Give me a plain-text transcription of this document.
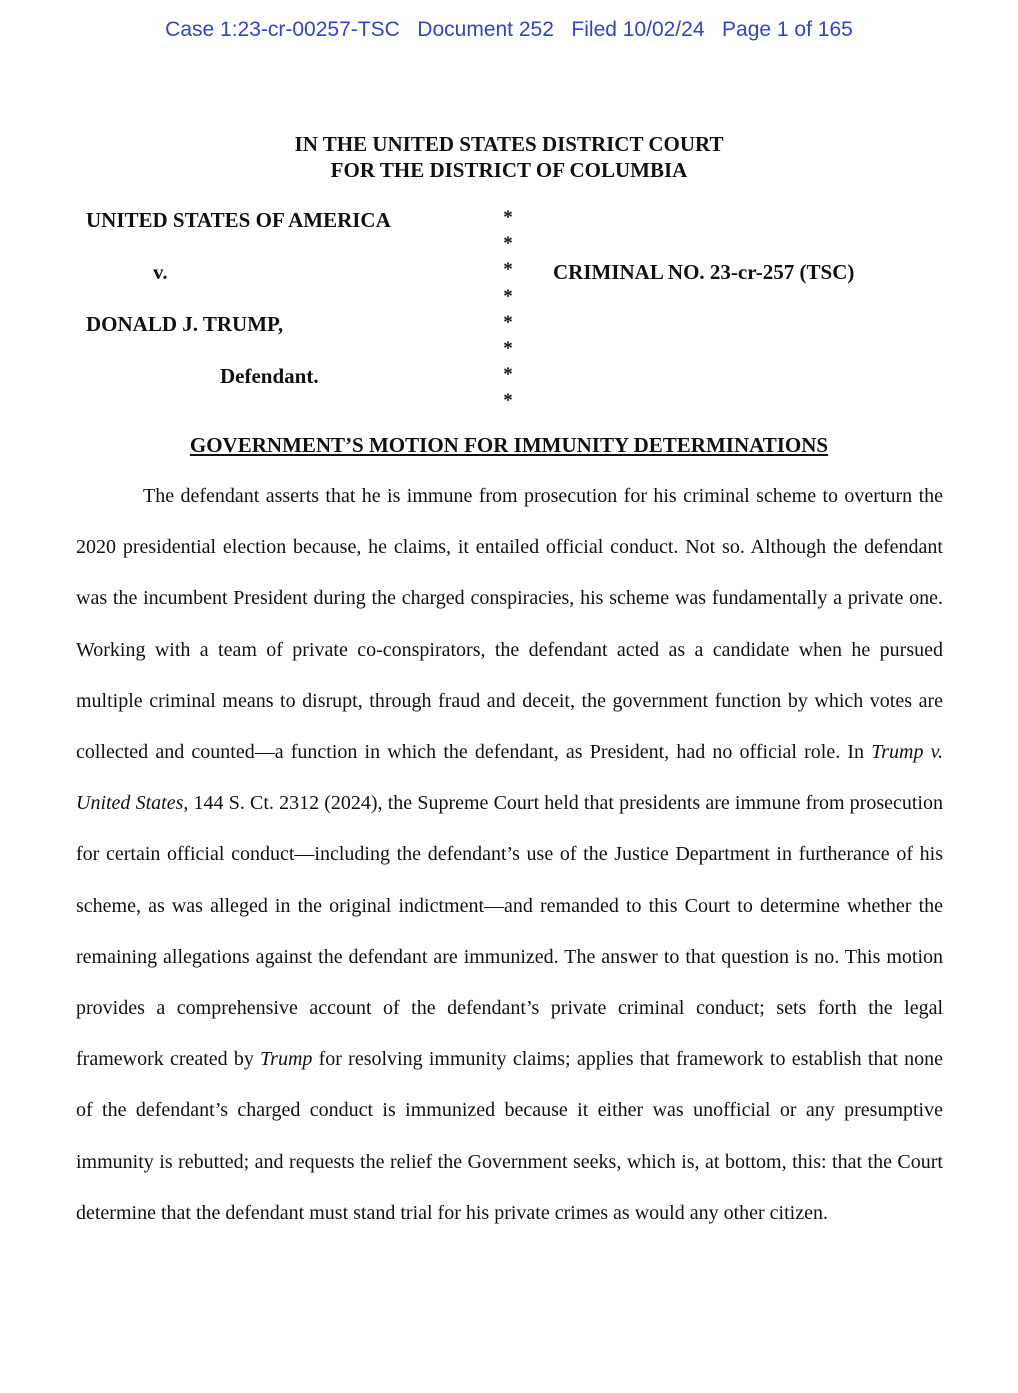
Case 1:23-cr-00257-TSC Document 252 Filed 10/02/24 Page 1 of 165
IN THE UNITED STATES DISTRICT COURT
FOR THE DISTRICT OF COLUMBIA
UNITED STATES OF AMERICA
v.
DONALD J. TRUMP,
Defendant.
CRIMINAL NO. 23-cr-257 (TSC)
*
*
*
*
*
*
*
*
GOVERNMENT’S MOTION FOR IMMUNITY DETERMINATIONS

The defendant asserts that he is immune from prosecution for his criminal scheme to overturn the 2020 presidential election because, he claims, it entailed official conduct. Not so. Although the defendant was the incumbent President during the charged conspiracies, his scheme was fundamentally a private one. Working with a team of private co-conspirators, the defendant acted as a candidate when he pursued multiple criminal means to disrupt, through fraud and deceit, the government function by which votes are collected and counted—a function in which the defendant, as President, had no official role. In Trump v. United States, 144 S. Ct. 2312 (2024), the Supreme Court held that presidents are immune from prosecution for certain official conduct—including the defendant’s use of the Justice Department in furtherance of his scheme, as was alleged in the original indictment—and remanded to this Court to determine whether the remaining allegations against the defendant are immunized. The answer to that question is no. This motion provides a comprehensive account of the defendant’s private criminal conduct; sets forth the legal framework created by Trump for resolving immunity claims; applies that framework to establish that none of the defendant’s charged conduct is immunized because it either was unofficial or any presumptive immunity is rebutted; and requests the relief the Government seeks, which is, at bottom, this: that the Court determine that the defendant must stand trial for his private crimes as would any other citizen.
